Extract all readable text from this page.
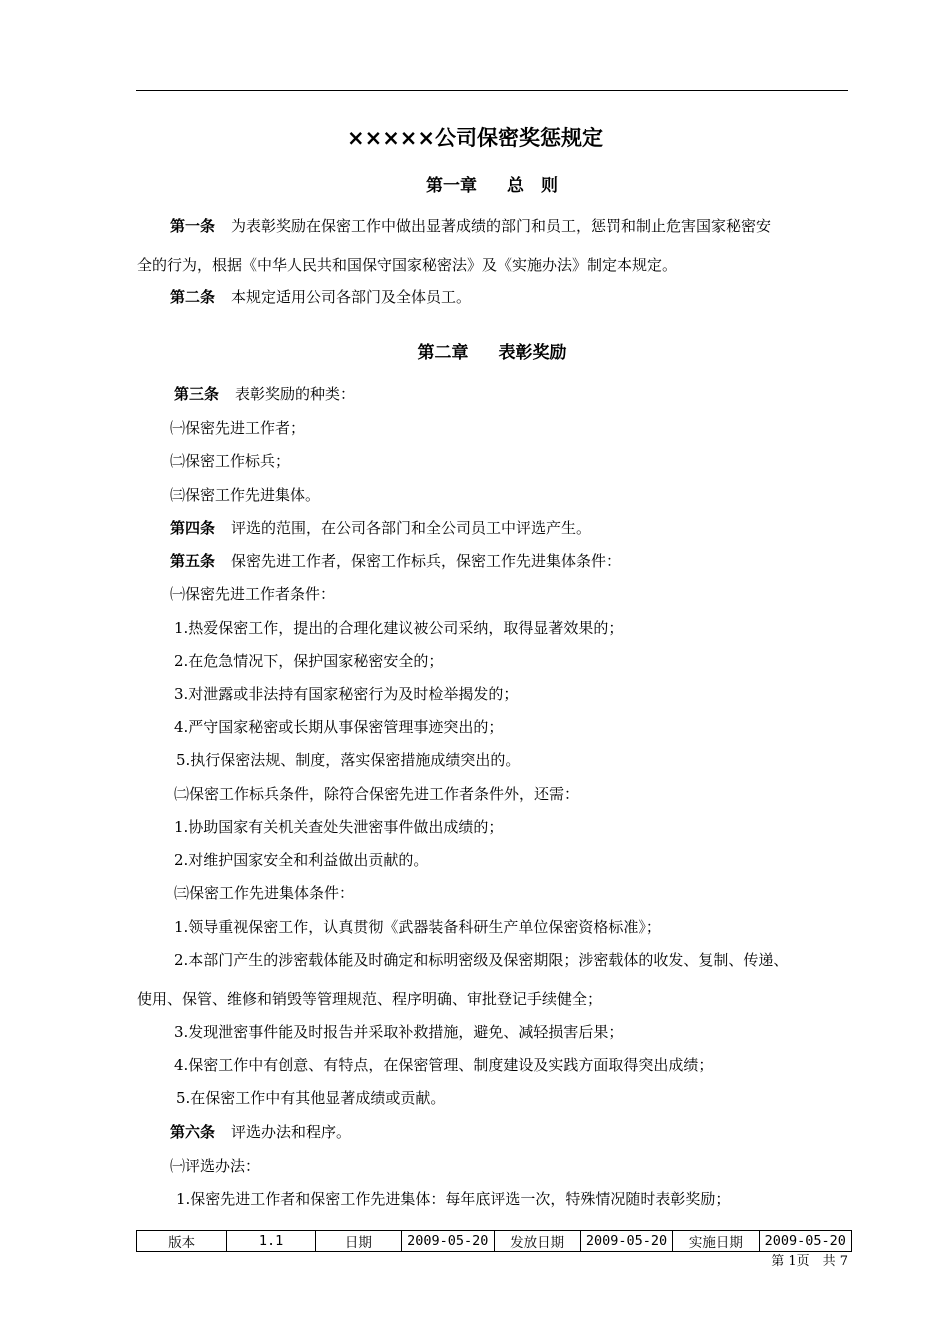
×××××公司保密奖惩规定
第一章 总　则
第二章 表彰奖励
第一条 为表彰奖励在保密工作中做出显著成绩的部门和员工，惩罚和制止危害国家秘密安
全的行为，根据《中华人民共和国保守国家秘密法》及《实施办法》制定本规定。
第二条 本规定适用公司各部门及全体员工。
第三条 表彰奖励的种类：
㈠保密先进工作者；
㈡保密工作标兵；
㈢保密工作先进集体。
第四条 评选的范围，在公司各部门和全公司员工中评选产生。
第五条 保密先进工作者，保密工作标兵，保密工作先进集体条件：
㈠保密先进工作者条件：
1.热爱保密工作，提出的合理化建议被公司采纳，取得显著效果的；
2.在危急情况下，保护国家秘密安全的；
3.对泄露或非法持有国家秘密行为及时检举揭发的；
4.严守国家秘密或长期从事保密管理事迹突出的；
5.执行保密法规、制度，落实保密措施成绩突出的。
㈡保密工作标兵条件，除符合保密先进工作者条件外，还需：
1.协助国家有关机关查处失泄密事件做出成绩的；
2.对维护国家安全和利益做出贡献的。
㈢保密工作先进集体条件：
1.领导重视保密工作，认真贯彻《武器装备科研生产单位保密资格标准》；
2.本部门产生的涉密载体能及时确定和标明密级及保密期限；涉密载体的收发、复制、传递、
使用、保管、维修和销毁等管理规范、程序明确、审批登记手续健全；
3.发现泄密事件能及时报告并采取补救措施，避免、减轻损害后果；
4.保密工作中有创意、有特点，在保密管理、制度建设及实践方面取得突出成绩；
5.在保密工作中有其他显著成绩或贡献。
第六条 评选办法和程序。
㈠评选办法：
1.保密先进工作者和保密工作先进集体：每年底评选一次，特殊情况随时表彰奖励；
版本	1.1	日期	2009-05-20	发放日期	2009-05-20	实施日期	2009-05-20
第 1页　共 7
